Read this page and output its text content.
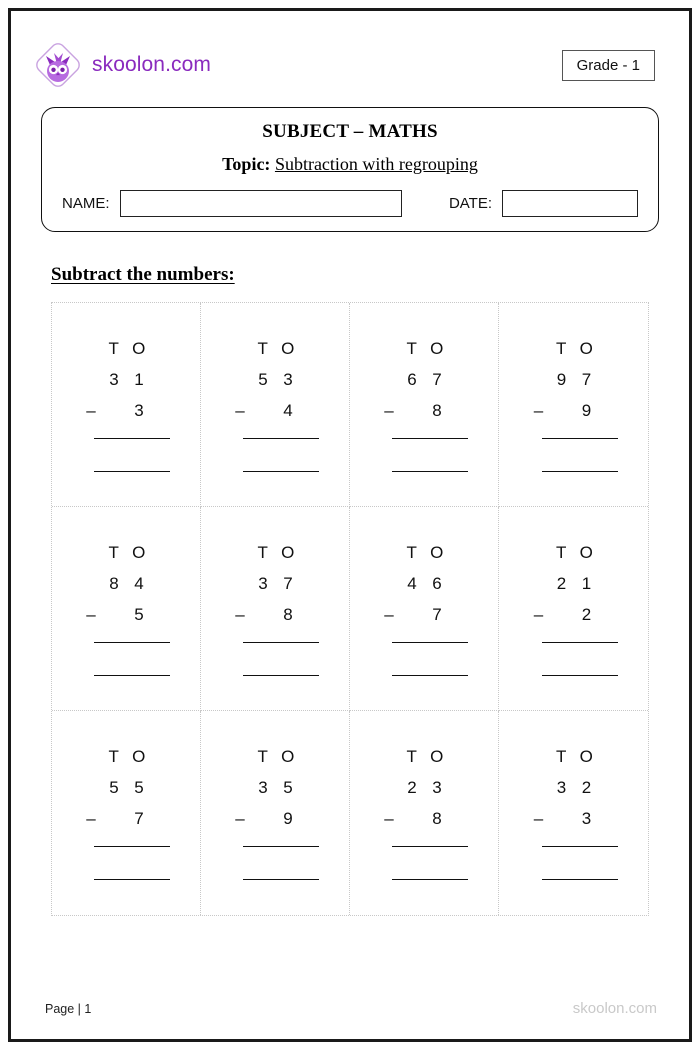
skoolon.com	Grade - 1
SUBJECT – MATHS
Topic: Subtraction with regrouping
NAME:	DATE:
Subtract the numbers:
T O
3 1
–	3
T O
5 3
–	4
T O
6 7
–	8
T O
9 7
–	9
T O
8 4
–	5
T O
3 7
–	8
T O
4 6
–	7
T O
2 1
–	2
T O
5 5
–	7
T O
3 5
–	9
T O
2 3
–	8
T O
3 2
–	3
Page | 1	skoolon.com
